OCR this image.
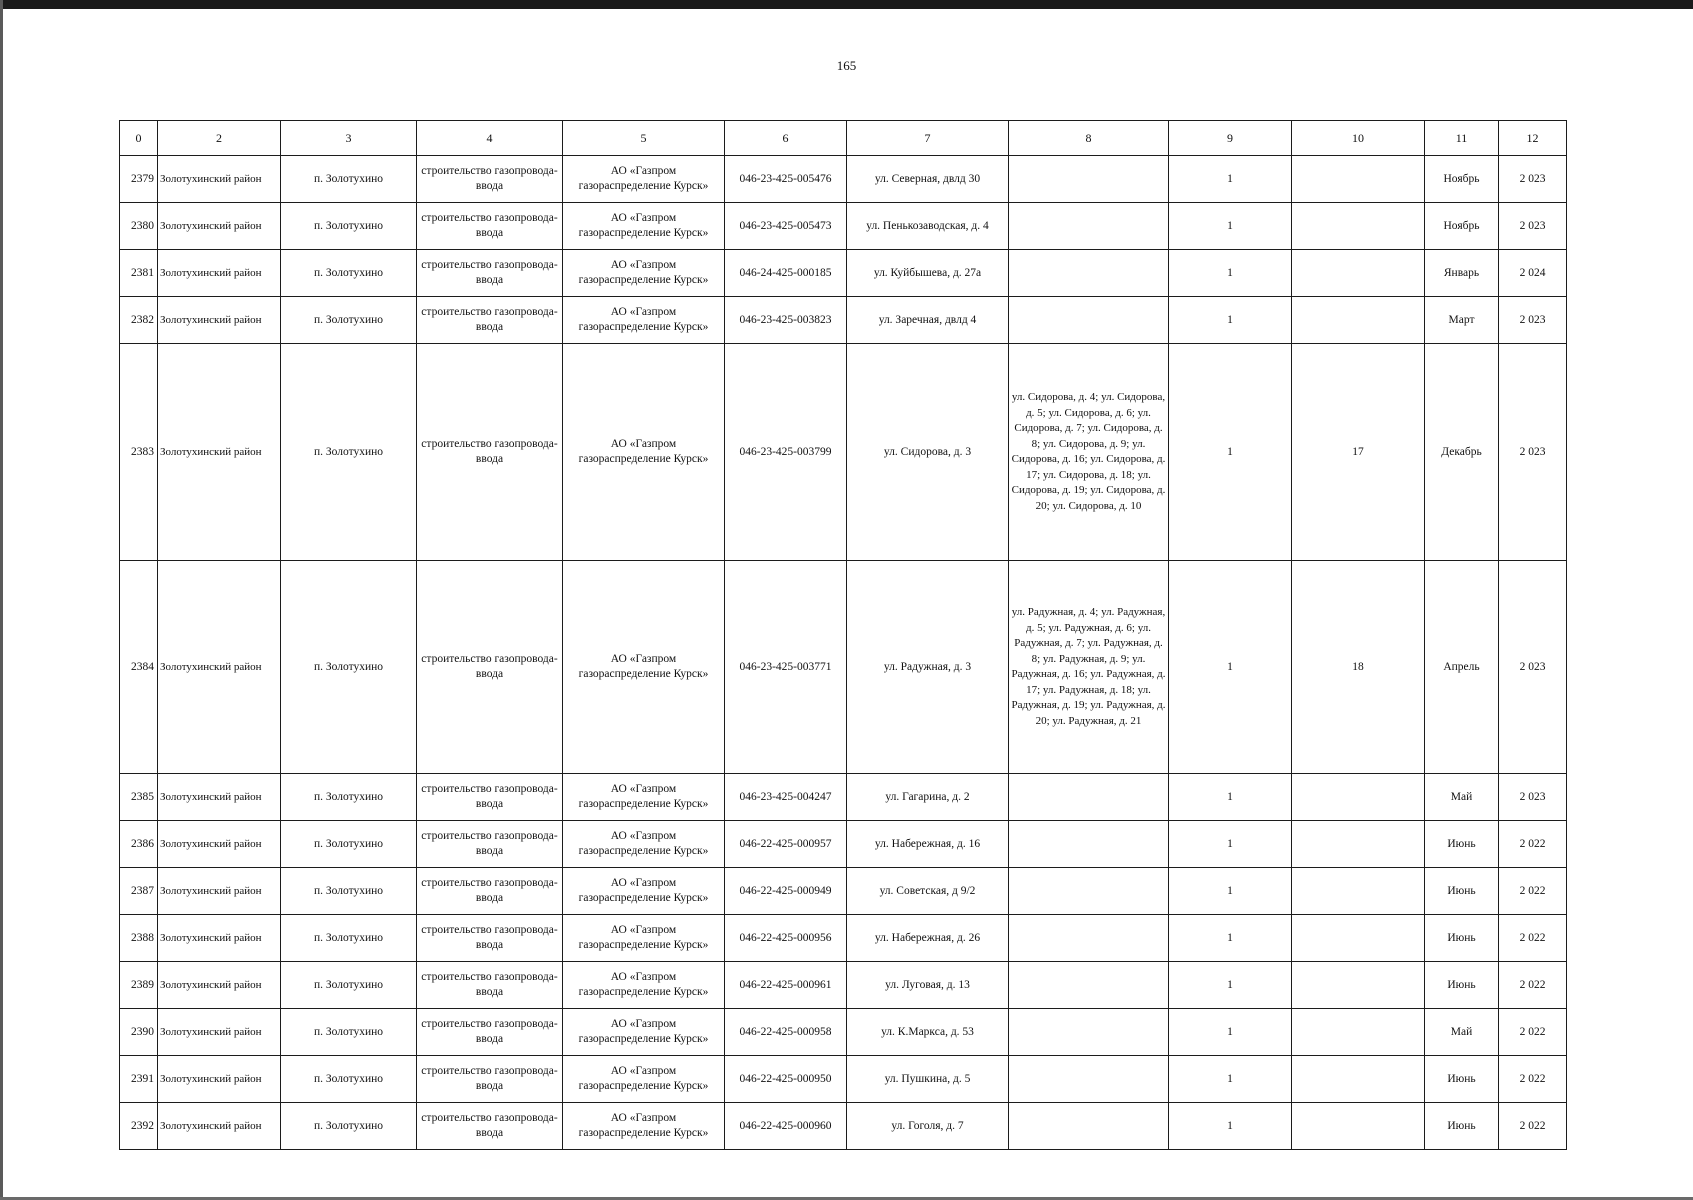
165
0	2	3	4	5	6	7	8	9	10	11	12
2379	Золотухинский район	п. Золотухино	строительство газопровода-ввода	АО «Газпром газораспределение Курск»	046-23-425-005476	ул. Северная, двлд 30		1		Ноябрь	2 023
2380	Золотухинский район	п. Золотухино	строительство газопровода-ввода	АО «Газпром газораспределение Курск»	046-23-425-005473	ул. Пенькозаводская, д. 4		1		Ноябрь	2 023
2381	Золотухинский район	п. Золотухино	строительство газопровода-ввода	АО «Газпром газораспределение Курск»	046-24-425-000185	ул. Куйбышева, д. 27а		1		Январь	2 024
2382	Золотухинский район	п. Золотухино	строительство газопровода-ввода	АО «Газпром газораспределение Курск»	046-23-425-003823	ул. Заречная, двлд 4		1		Март	2 023
2383	Золотухинский район	п. Золотухино	строительство газопровода-ввода	АО «Газпром газораспределение Курск»	046-23-425-003799	ул. Сидорова, д. 3	ул. Сидорова, д. 4; ул. Сидорова, д. 5; ул. Сидорова, д. 6; ул. Сидорова, д. 7; ул. Сидорова, д. 8; ул. Сидорова, д. 9; ул. Сидорова, д. 16; ул. Сидорова, д. 17; ул. Сидорова, д. 18; ул. Сидорова, д. 19; ул. Сидорова, д. 20; ул. Сидорова, д. 10	1	17	Декабрь	2 023
2384	Золотухинский район	п. Золотухино	строительство газопровода-ввода	АО «Газпром газораспределение Курск»	046-23-425-003771	ул. Радужная, д. 3	ул. Радужная, д. 4; ул. Радужная, д. 5; ул. Радужная, д. 6; ул. Радужная, д. 7; ул. Радужная, д. 8; ул. Радужная, д. 9; ул. Радужная, д. 16; ул. Радужная, д. 17; ул. Радужная, д. 18; ул. Радужная, д. 19; ул. Радужная, д. 20; ул. Радужная, д. 21	1	18	Апрель	2 023
2385	Золотухинский район	п. Золотухино	строительство газопровода-ввода	АО «Газпром газораспределение Курск»	046-23-425-004247	ул. Гагарина, д. 2		1		Май	2 023
2386	Золотухинский район	п. Золотухино	строительство газопровода-ввода	АО «Газпром газораспределение Курск»	046-22-425-000957	ул. Набережная, д. 16		1		Июнь	2 022
2387	Золотухинский район	п. Золотухино	строительство газопровода-ввода	АО «Газпром газораспределение Курск»	046-22-425-000949	ул. Советская, д 9/2		1		Июнь	2 022
2388	Золотухинский район	п. Золотухино	строительство газопровода-ввода	АО «Газпром газораспределение Курск»	046-22-425-000956	ул. Набережная, д. 26		1		Июнь	2 022
2389	Золотухинский район	п. Золотухино	строительство газопровода-ввода	АО «Газпром газораспределение Курск»	046-22-425-000961	ул. Луговая, д. 13		1		Июнь	2 022
2390	Золотухинский район	п. Золотухино	строительство газопровода-ввода	АО «Газпром газораспределение Курск»	046-22-425-000958	ул. К.Маркса, д. 53		1		Май	2 022
2391	Золотухинский район	п. Золотухино	строительство газопровода-ввода	АО «Газпром газораспределение Курск»	046-22-425-000950	ул. Пушкина, д. 5		1		Июнь	2 022
2392	Золотухинский район	п. Золотухино	строительство газопровода-ввода	АО «Газпром газораспределение Курск»	046-22-425-000960	ул. Гоголя, д. 7		1		Июнь	2 022
